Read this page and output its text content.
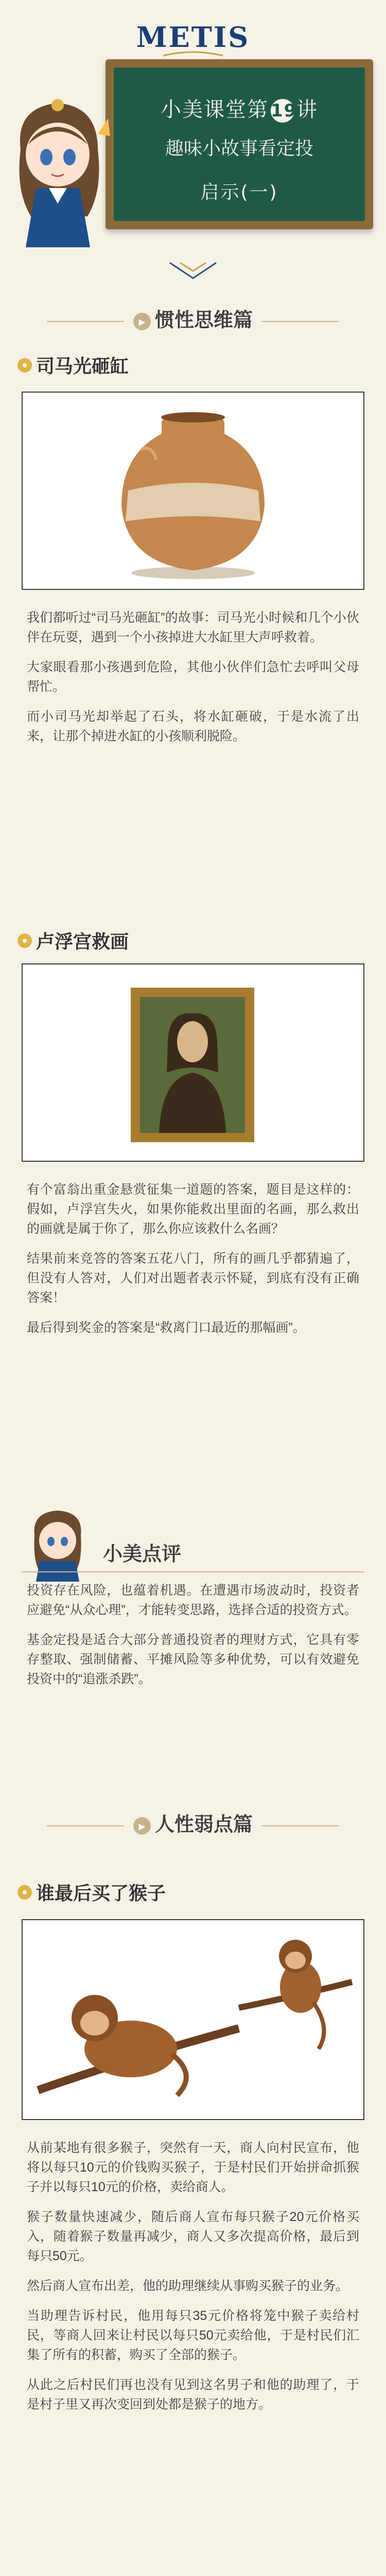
METIS
小美课堂第 19讲
趣味小故事看定投
启示(一)
▸ 惯性思维篇
司马光砸缸

我们都听过“司马光砸缸”的故事：司马光小时候和几个小伙伴在玩耍，遇到一个小孩掉进大水缸里大声呼救着。

大家眼看那小孩遇到危险，其他小伙伴们急忙去呼叫父母帮忙。

而小司马光却举起了石头，将水缸砸破，于是水流了出来，让那个掉进水缸的小孩顺利脱险。

卢浮宫救画

有个富翁出重金悬赏征集一道题的答案，题目是这样的：假如，卢浮宫失火，如果你能救出里面的名画，那么救出的画就是属于你了，那么你应该救什么名画？

结果前来竞答的答案五花八门，所有的画几乎都猜遍了，但没有人答对，人们对出题者表示怀疑，到底有没有正确答案！

最后得到奖金的答案是“救离门口最近的那幅画”。

小美点评

投资存在风险，也蕴着机遇。在遭遇市场波动时，投资者应避免“从众心理”，才能转变思路，选择合适的投资方式。

基金定投是适合大部分普通投资者的理财方式，它具有零存整取、强制储蓄、平摊风险等多种优势，可以有效避免投资中的“追涨杀跌”。

▸ 人性弱点篇
谁最后买了猴子

从前某地有很多猴子，突然有一天，商人向村民宣布，他将以每只10元的价钱购买猴子，于是村民们开始拼命抓猴子并以每只10元的价格，卖给商人。

猴子数量快速减少，随后商人宣布每只猴子20元价格买入，随着猴子数量再减少，商人又多次提高价格，最后到每只50元。

然后商人宣布出差，他的助理继续从事购买猴子的业务。

当助理告诉村民，他用每只35元价格将笼中猴子卖给村民，等商人回来让村民以每只50元卖给他，于是村民们汇集了所有的积蓄，购买了全部的猴子。

从此之后村民们再也没有见到这名男子和他的助理了，于是村子里又再次变回到处都是猴子的地方。
